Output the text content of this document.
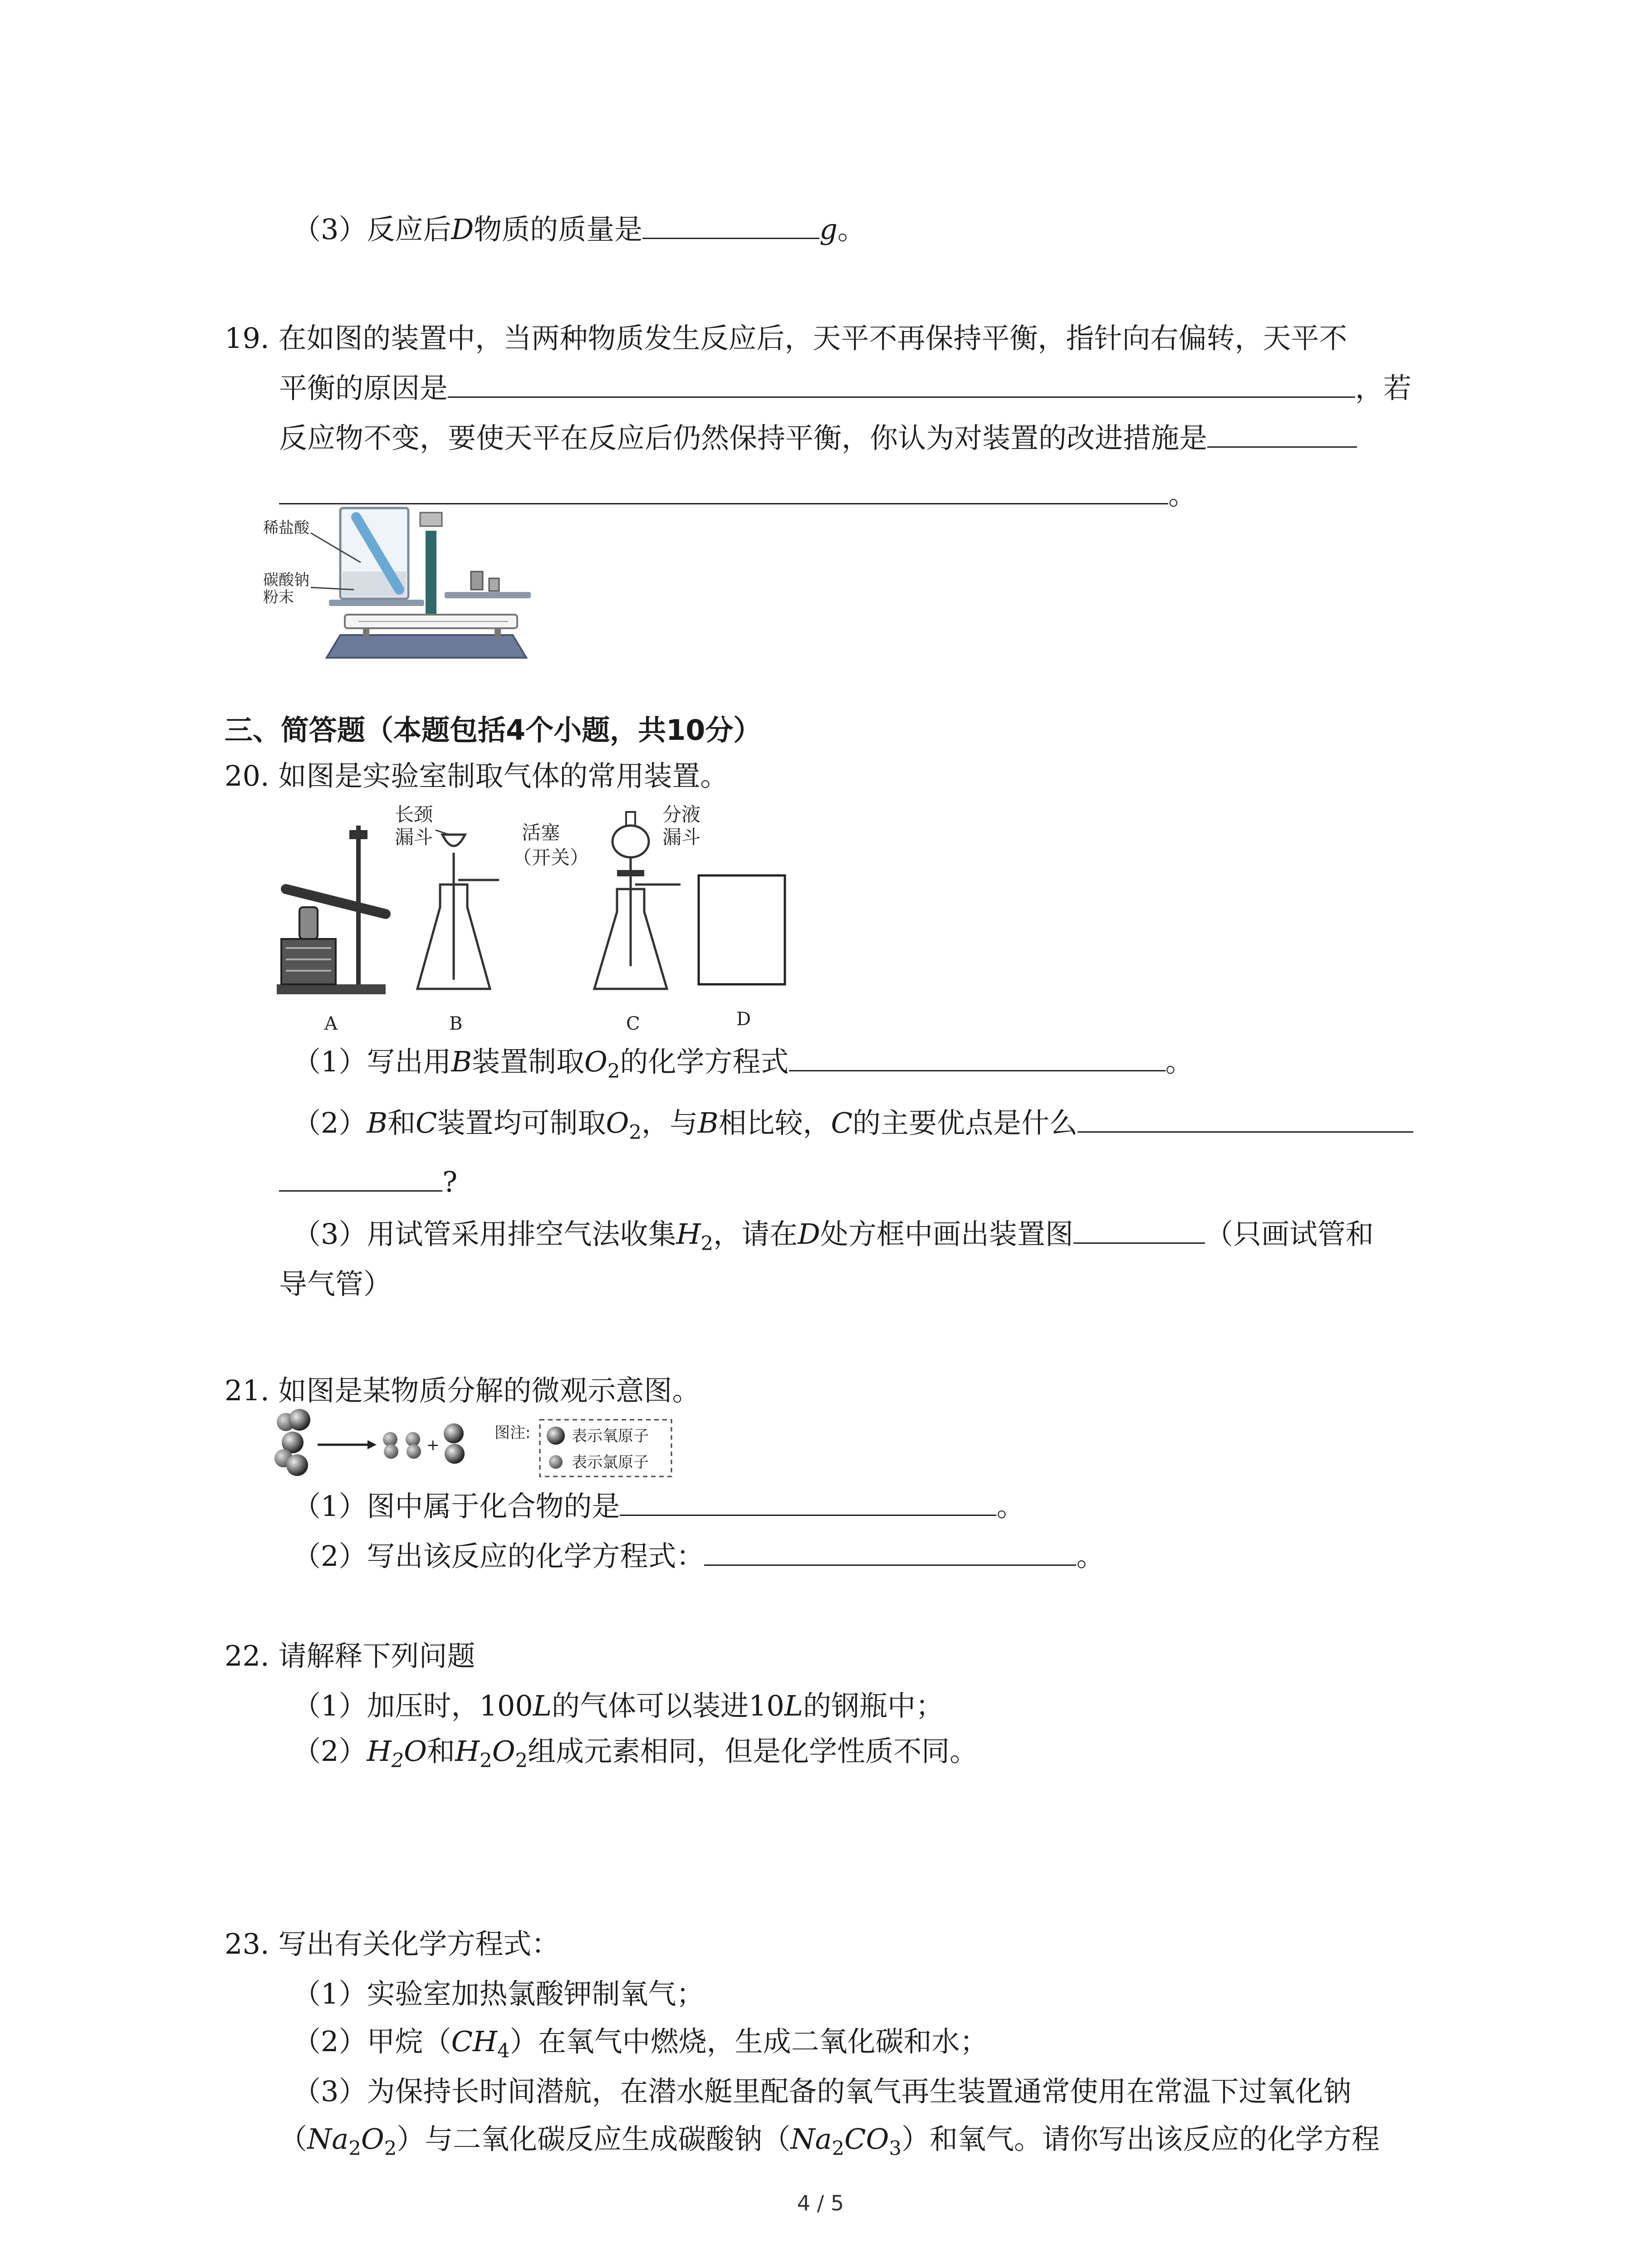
（3）反应后D物质的质量是	g。
19. 在如图的装置中，当两种物质发生反应后，天平不再保持平衡，指针向右偏转，天平不
平衡的原因是	，若
反应物不变，要使天平在反应后仍然保持平衡，你认为对装置的改进措施是
。
稀盐酸
碳酸钠
粉末
三、简答题（本题包括4个小题，共10分）
20. 如图是实验室制取气体的常用装置。
A
长颈
漏斗
B
活塞
（开关）
分液
漏斗
C	D
（1）写出用B装置制取$O_2$的化学方程式	。
（2）B和C装置均可制取$O_2$，与B相比较，C的主要优点是什么
?
（3）用试管采用排空气法收集$H_2$，请在D处方框中画出装置图	（只画试管和
导气管）
21. 如图是某物质分解的微观示意图。
+
图注:	表示氧原子
表示氯原子
（1）图中属于化合物的是	。
（2）写出该反应的化学方程式：	。
22. 请解释下列问题
（1）加压时，100L的气体可以装进10L的钢瓶中；
$(2)H_2O$和$H_2O_2$组成元素相同，但是化学性质不同。
23. 写出有关化学方程式：
（1）实验室加热氯酸钾制氧气；
（2）甲烷$(CH_4)$在氧气中燃烧，生成二氧化碳和水；
（3）为保持长时间潜航，在潜水艇里配备的氧气再生装置通常使用在常温下过氧化钠
$(Na_2O_2)$与二氧化碳反应生成碳酸钠$(Na_2CO_3)$和氧气。请你写出该反应的化学方程
4 / 5
